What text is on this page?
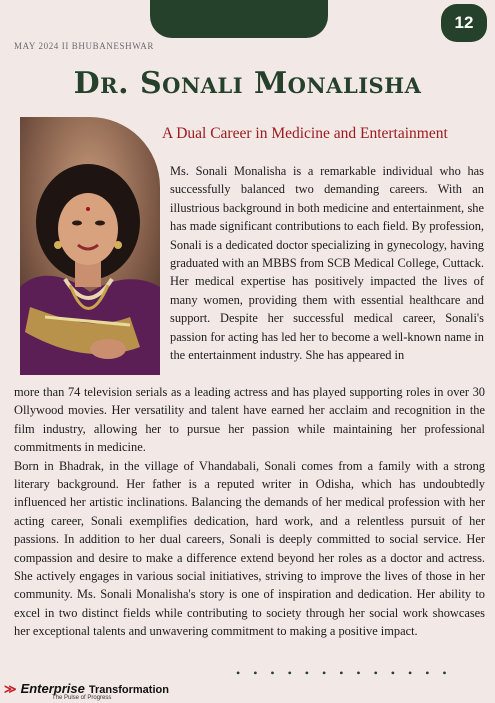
12
MAY 2024 II BHUBANESHWAR
Dr. Sonali Monalisha
A Dual Career in Medicine and Entertainment

Ms. Sonali Monalisha is a remarkable individual who has successfully balanced two demanding careers. With an illustrious background in both medicine and entertainment, she has made significant contributions to each field. By profession, Sonali is a dedicated doctor specializing in gynecology, having graduated with an MBBS from SCB Medical College, Cuttack. Her medical expertise has positively impacted the lives of many women, providing them with essential healthcare and support. Despite her successful medical career, Sonali's passion for acting has led her to become a well-known name in the entertainment industry. She has appeared in

more than 74 television serials as a leading actress and has played supporting roles in over 30 Ollywood movies. Her versatility and talent have earned her acclaim and recognition in the film industry, allowing her to pursue her passion while maintaining her professional commitments in medicine.

Born in Bhadrak, in the village of Vhandabali, Sonali comes from a family with a strong literary background. Her father is a reputed writer in Odisha, which has undoubtedly influenced her artistic inclinations. Balancing the demands of her medical profession with her acting career, Sonali exemplifies dedication, hard work, and a relentless pursuit of her passions. In addition to her dual careers, Sonali is deeply committed to social service. Her compassion and desire to make a difference extend beyond her roles as a doctor and actress. She actively engages in various social initiatives, striving to improve the lives of those in her community. Ms. Sonali Monalisha's story is one of inspiration and dedication. Her ability to excel in two distinct fields while contributing to society through her social work showcases her exceptional talents and unwavering commitment to making a positive impact.

• • • • • • • • • • • • •
≫ Enterprise Transformation
The Pulse of Progress
